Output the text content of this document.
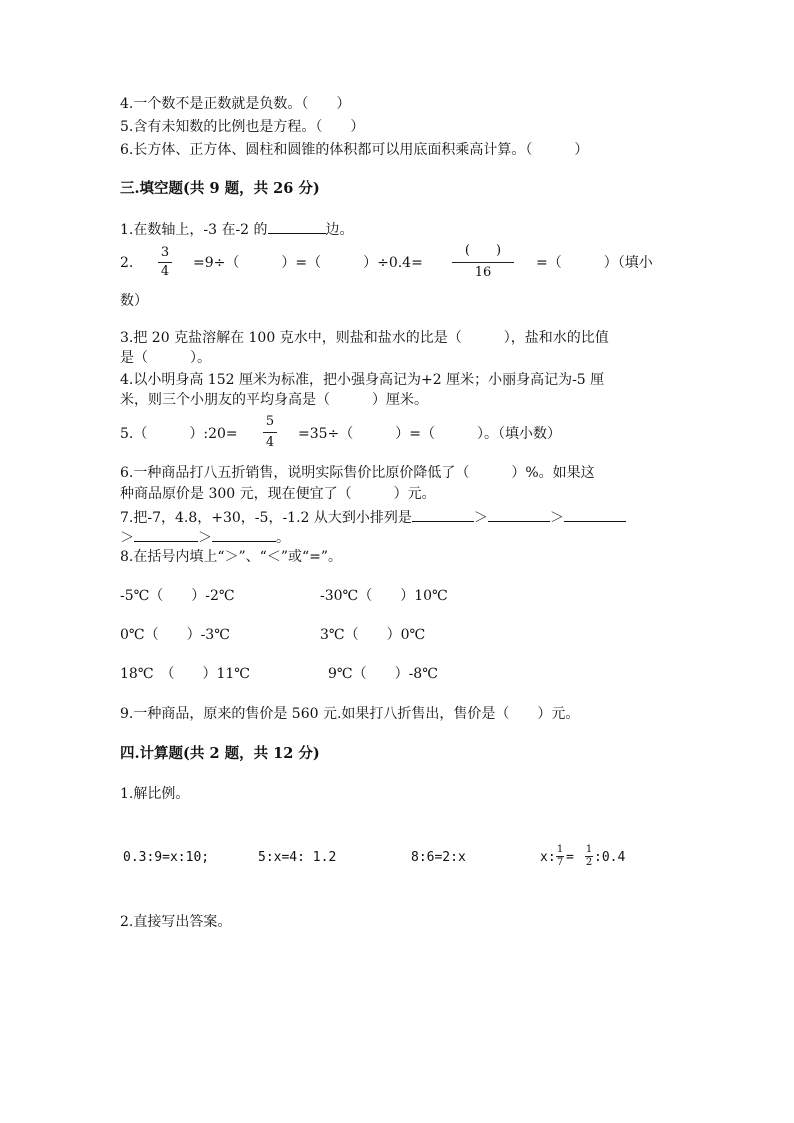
4.一个数不是正数就是负数。（　　）
5.含有未知数的比例也是方程。（　　）
6.长方体、正方体、圆柱和圆锥的体积都可以用底面积乘高计算。（　　　）
三.填空题(共 9 题，共 26 分)
1.在数轴上，-3 在-2 的	边。
2.
3
4
=9÷（　　　）=（　　　）÷0.4=
(　　)
16
=（　　　）（填小
数）
3.把 20 克盐溶解在 100 克水中，则盐和盐水的比是（　　　），盐和水的比值
是（　　　）。
4.以小明身高 152 厘米为标准，把小强身高记为+2 厘米；小丽身高记为-5 厘
米，则三个小朋友的平均身高是（　　　）厘米。
5.（　　　）:20=
5
4
=35÷（　　　）=（　　　）。（填小数）
6.一种商品打八五折销售，说明实际售价比原价降低了（　　　）%。如果这
种商品原价是 300 元，现在便宜了（　　　）元。
7.把-7，4.8，+30，-5，-1.2 从大到小排列是	＞	＞
＞	＞	。
8.在括号内填上“＞”、“＜”或“=”。
-5℃（　　）-2℃	-30℃（　　）10℃
0℃（　　）-3℃	3℃（　　）0℃
18℃　（　　）11℃	9℃（　　）-8℃
9.一种商品，原来的售价是 560 元.如果打八折售出，售价是（　　）元。
四.计算题(共 2 题，共 12 分)
1.解比例。
0.3:9=x:10;	5:x=4: 1.2	8:6=2:x	x:
1
7 =
1
2 :0.4
2.直接写出答案。
